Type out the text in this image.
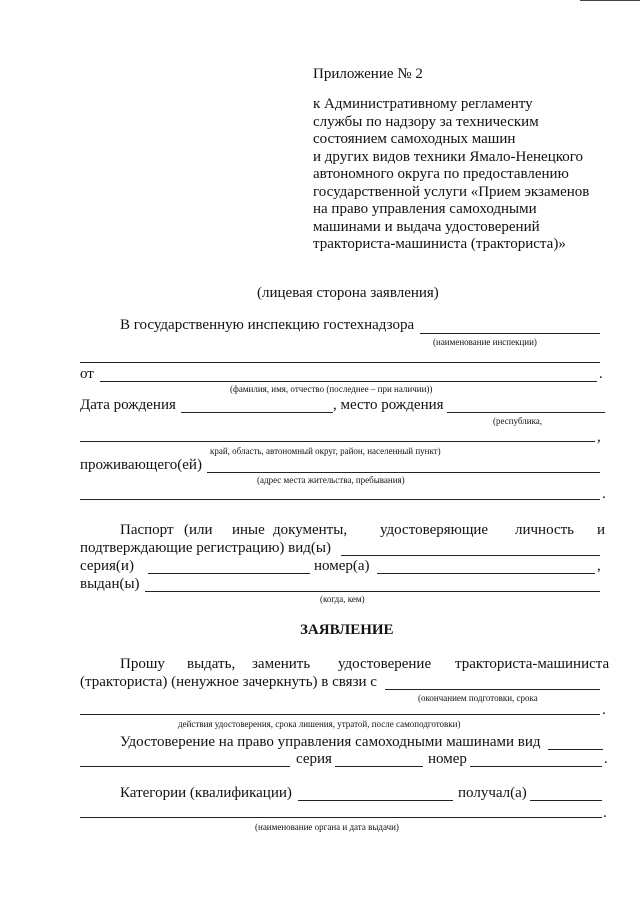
Приложение № 2
к Административному регламенту
службы по надзору за техническим
состоянием самоходных машин
и других видов техники Ямало-Ненецкого
автономного округа по предоставлению
государственной услуги «Прием экзаменов
на право управления самоходными
машинами и выдача удостоверений
тракториста-машиниста (тракториста)»
(лицевая сторона заявления)
В государственную инспекцию гостехнадзора
(наименование инспекции)
от	.
(фамилия, имя, отчество (последнее – при наличии))
Дата рождения	, место рождения
(республика,
,
край, область, автономный округ, район, населенный пункт)
проживающего(ей)
(адрес места жительства, пребывания)
.
Паспорт (или иные документы, удостоверяющие личность и
подтверждающие регистрацию) вид(ы)
серия(и)	номер(а)	,
выдан(ы)
(когда, кем)
ЗАЯВЛЕНИЕ
Прошу выдать, заменить удостоверение тракториста-машиниста
(тракториста) (ненужное зачеркнуть) в связи с
(окончанием подготовки, срока
.
действия удостоверения, срока лишения, утратой, после самоподготовки)
Удостоверение на право управления самоходными машинами вид
серия	номер	.
Категории (квалификации)	получал(а)
.
(наименование органа и дата выдачи)
